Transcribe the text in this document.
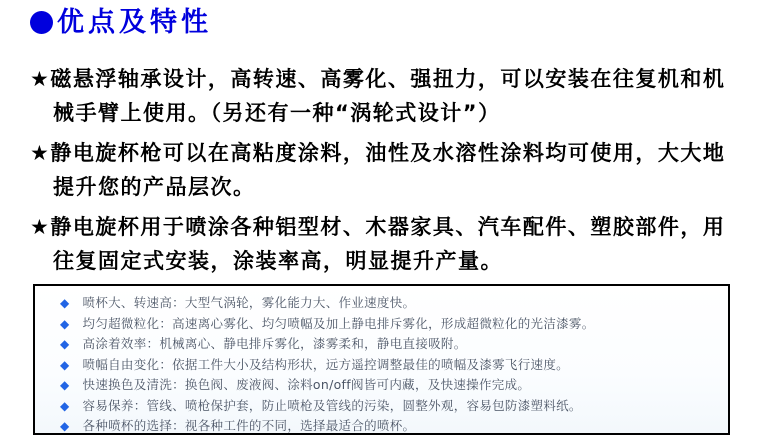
优点及特性

★磁悬浮轴承设计，高转速、高雾化、强扭力，可以安装在往复机和机械手臂上使用。（另还有一种“涡轮式设计”）

★静电旋杯枪可以在高粘度涂料，油性及水溶性涂料均可使用，大大地提升您的产品层次。

★静电旋杯用于喷涂各种铝型材、木器家具、汽车配件、塑胶部件，用往复固定式安装，涂装率高，明显提升产量。

◆ 喷杯大、转速高：大型气涡轮，雾化能力大、作业速度快。
◆ 均匀超微粒化：高速离心雾化、均匀喷幅及加上静电排斥雾化，形成超微粒化的光洁漆雾。
◆ 高涂着效率：机械离心、静电排斥雾化，漆雾柔和，静电直接吸附。
◆ 喷幅自由变化：依据工件大小及结构形状，远方遥控调整最佳的喷幅及漆雾飞行速度。
◆ 快速换色及清洗：换色阀、废液阀、涂料on/off阀皆可内藏，及快速操作完成。
◆ 容易保养：管线、喷枪保护套，防止喷枪及管线的污染，圆整外观，容易包防漆塑料纸。
◆ 各种喷杯的选择：视各种工件的不同，选择最适合的喷杯。
